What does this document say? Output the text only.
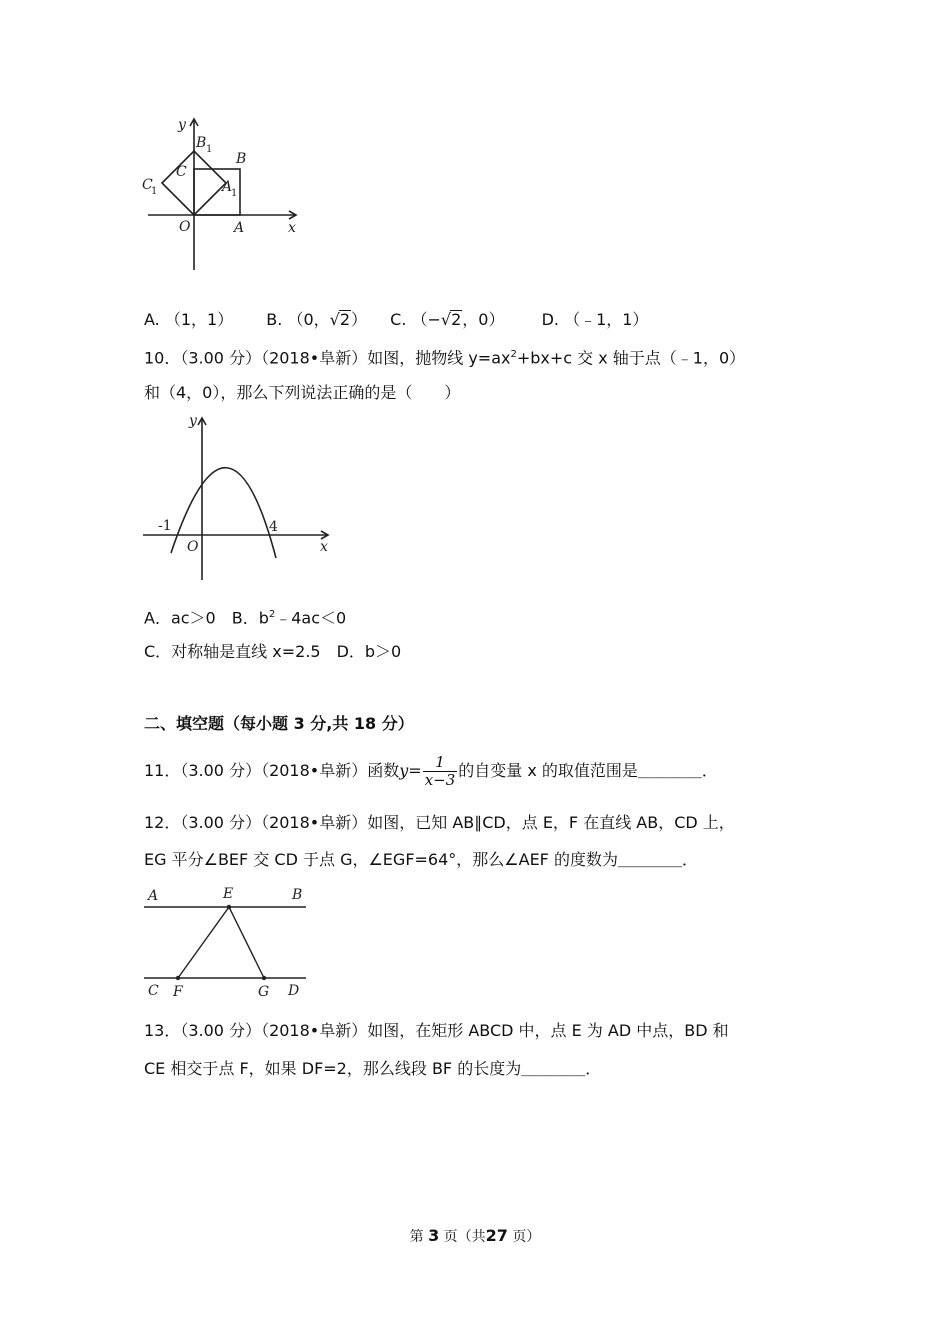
y
B 1
B
C
C
1	A
1
O	A	x
A. （1，1） B. （0，√2） C. （−√2，0） D. （﹣1，1）
10．（3.00 分）（2018•阜新）如图，抛物线 $y=ax^2+bx+c$ 交 x 轴于点（﹣1，0）
和（4，0），那么下列说法正确的是（　　）
y
-1	4
O	x
A．ac＞0　B．$b^2﹣4ac<0$
C．对称轴是直线 x=2.5　D．b＞0
二、填空题（每小题 3 分,共 18 分）
11．（3.00 分）（2018•阜新）函数$y= \frac{1}{x-3}$ 的自变量 x 的取值范围是＿＿＿＿．
12．（3.00 分）（2018•阜新）如图，已知 AB∥CD，点 E，F 在直线 AB，CD 上，
EG 平分∠BEF 交 CD 于点 G，∠EGF=64°，那么∠AEF 的度数为＿＿＿＿．
A	E	B
C F	G D
13．（3.00 分）（2018•阜新）如图，在矩形 ABCD 中，点 E 为 AD 中点，BD 和
CE 相交于点 F，如果 DF=2，那么线段 BF 的长度为＿＿＿＿．
第 3 页（共27 页）
